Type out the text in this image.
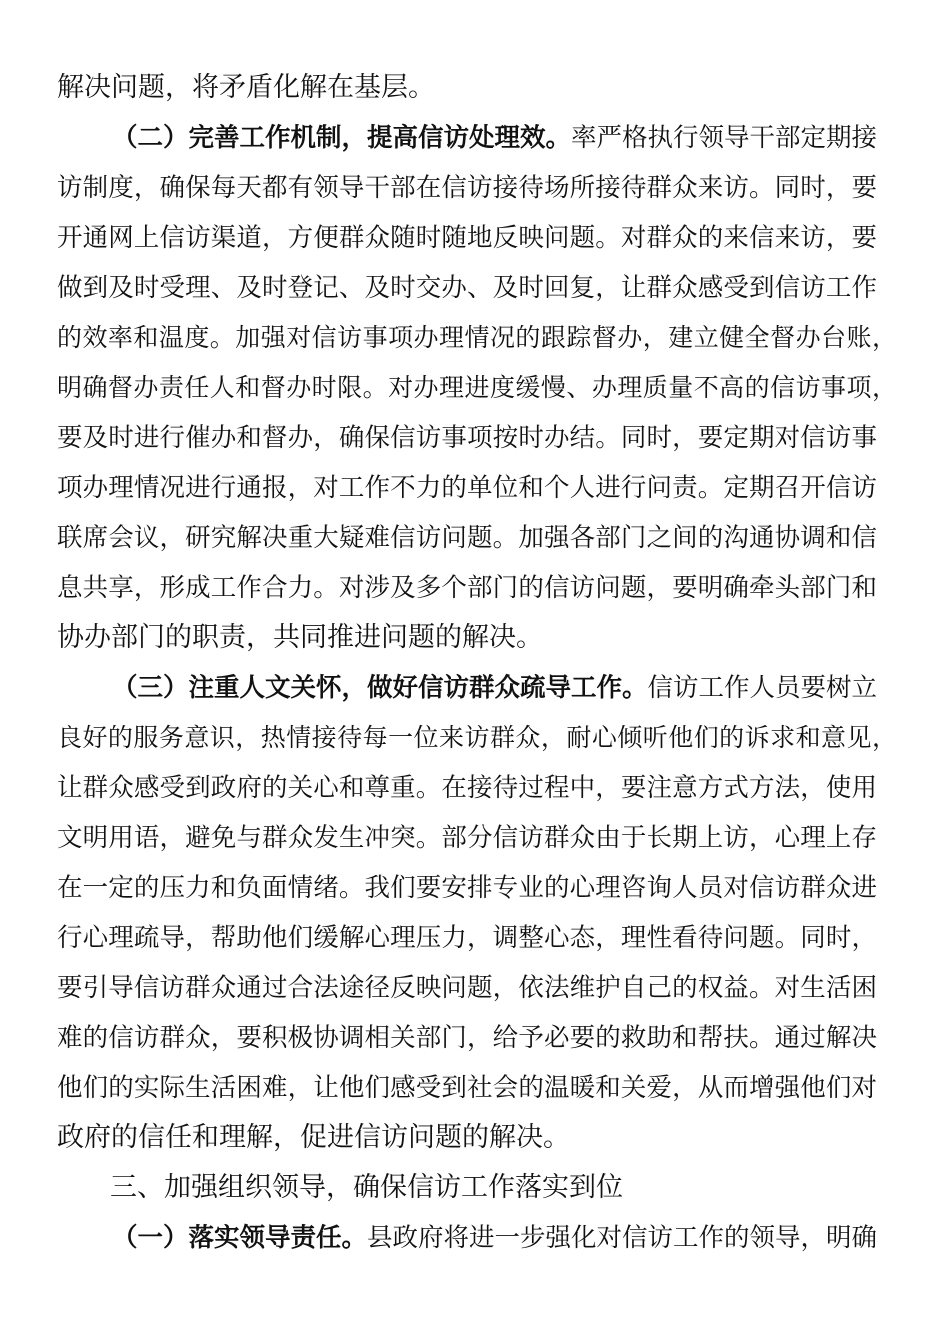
解决问题，将矛盾化解在基层。
（二）完善工作机制，提高信访处理效。率严格执行领导干部定期接
访制度，确保每天都有领导干部在信访接待场所接待群众来访。同时，要
开通网上信访渠道，方便群众随时随地反映问题。对群众的来信来访，要
做到及时受理、及时登记、及时交办、及时回复，让群众感受到信访工作
的效率和温度。加强对信访事项办理情况的跟踪督办，建立健全督办台账，
明确督办责任人和督办时限。对办理进度缓慢、办理质量不高的信访事项，
要及时进行催办和督办，确保信访事项按时办结。同时，要定期对信访事
项办理情况进行通报，对工作不力的单位和个人进行问责。定期召开信访
联席会议，研究解决重大疑难信访问题。加强各部门之间的沟通协调和信
息共享，形成工作合力。对涉及多个部门的信访问题，要明确牵头部门和
协办部门的职责，共同推进问题的解决。
（三）注重人文关怀，做好信访群众疏导工作。信访工作人员要树立
良好的服务意识，热情接待每一位来访群众，耐心倾听他们的诉求和意见，
让群众感受到政府的关心和尊重。在接待过程中，要注意方式方法，使用
文明用语，避免与群众发生冲突。部分信访群众由于长期上访，心理上存
在一定的压力和负面情绪。我们要安排专业的心理咨询人员对信访群众进
行心理疏导，帮助他们缓解心理压力，调整心态，理性看待问题。同时，
要引导信访群众通过合法途径反映问题，依法维护自己的权益。对生活困
难的信访群众，要积极协调相关部门，给予必要的救助和帮扶。通过解决
他们的实际生活困难，让他们感受到社会的温暖和关爱，从而增强他们对
政府的信任和理解，促进信访问题的解决。
三、加强组织领导，确保信访工作落实到位
（一）落实领导责任。县政府将进一步强化对信访工作的领导，明确
